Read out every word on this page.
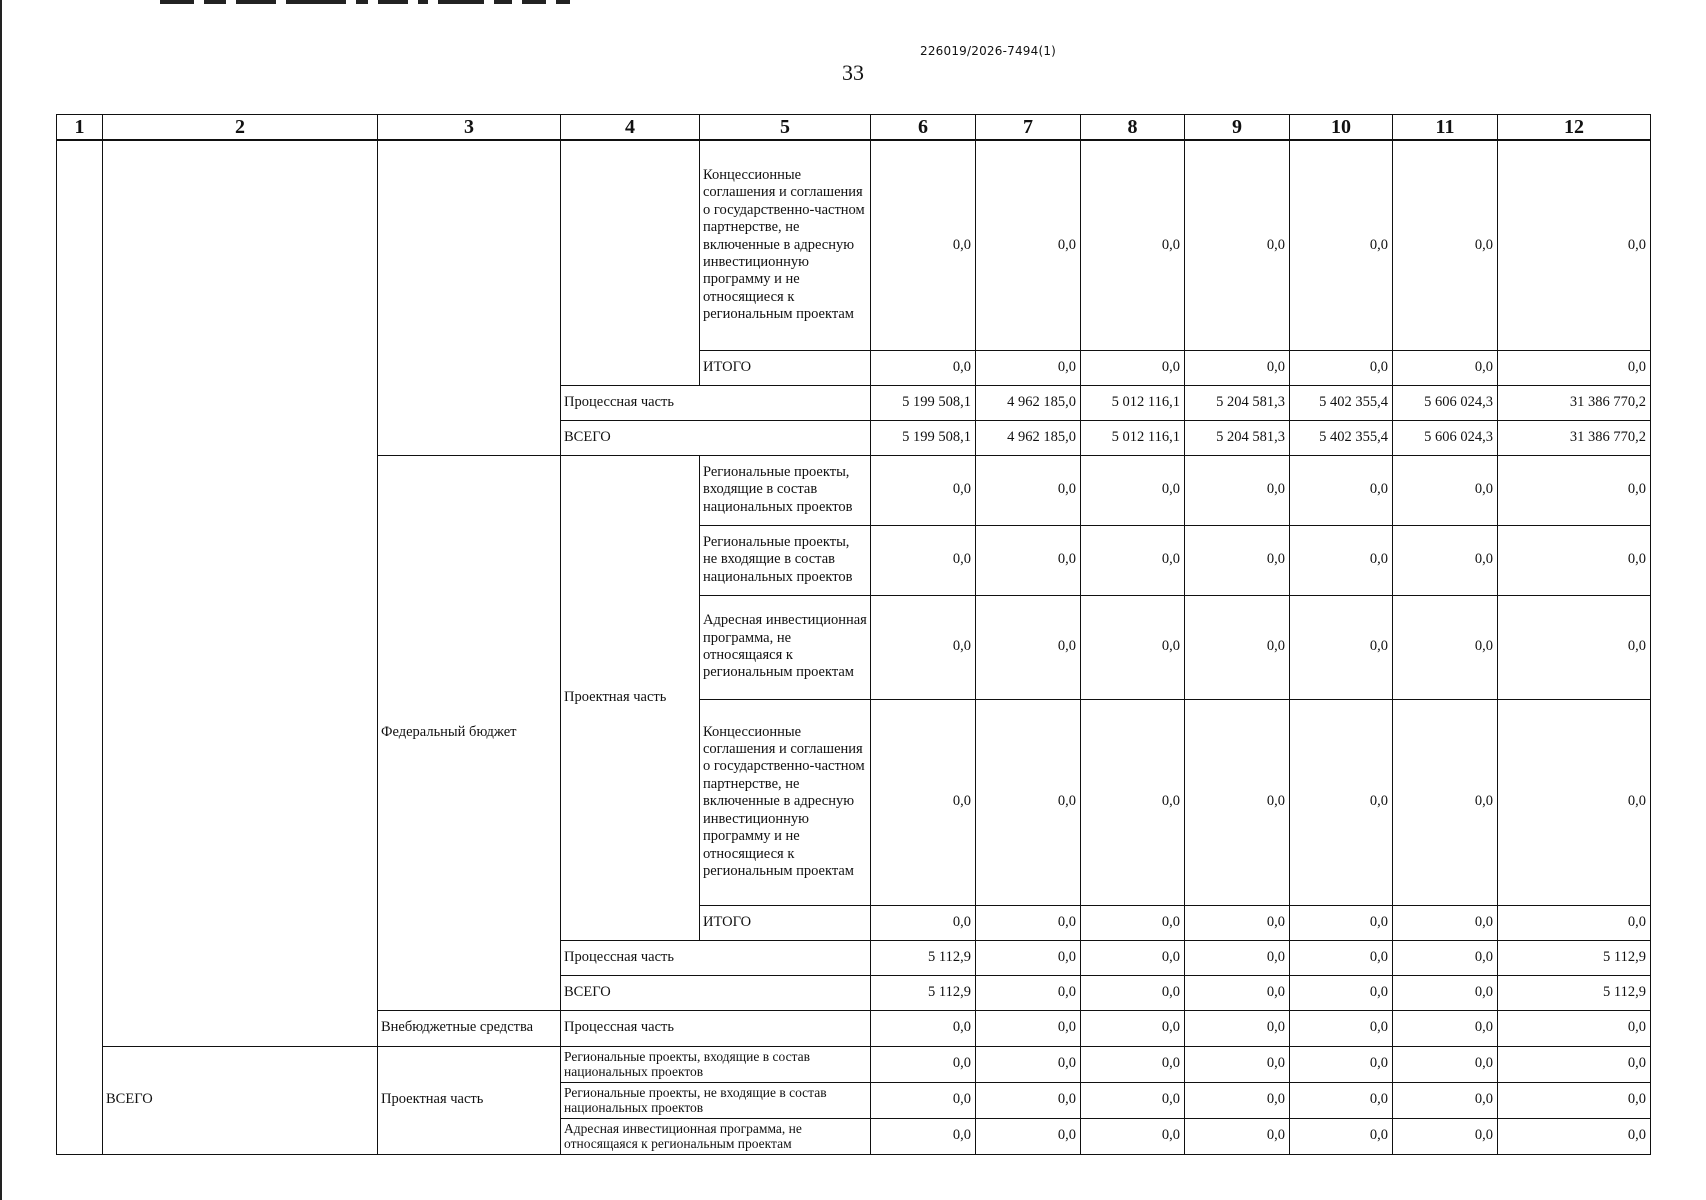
226019/2026-7494(1)
33
1	2	3	4	5	6	7	8	9	10	11	12
				Концессионные соглашения и соглашения о государственно-частном партнерстве, не включенные в адресную инвестиционную программу и не относящиеся к региональным проектам	0,0	0,0	0,0	0,0	0,0	0,0	0,0
				ИТОГО	0,0	0,0	0,0	0,0	0,0	0,0	0,0
			Процессная часть		5 199 508,1	4 962 185,0	5 012 116,1	5 204 581,3	5 402 355,4	5 606 024,3	31 386 770,2
			ВСЕГО		5 199 508,1	4 962 185,0	5 012 116,1	5 204 581,3	5 402 355,4	5 606 024,3	31 386 770,2
		Федеральный бюджет	Проектная часть	Региональные проекты, входящие в состав национальных проектов	0,0	0,0	0,0	0,0	0,0	0,0	0,0
				Региональные проекты, не входящие в состав национальных проектов	0,0	0,0	0,0	0,0	0,0	0,0	0,0
				Адресная инвестиционная программа, не относящаяся к региональным проектам	0,0	0,0	0,0	0,0	0,0	0,0	0,0
				Концессионные соглашения и соглашения о государственно-частном партнерстве, не включенные в адресную инвестиционную программу и не относящиеся к региональным проектам	0,0	0,0	0,0	0,0	0,0	0,0	0,0
				ИТОГО	0,0	0,0	0,0	0,0	0,0	0,0	0,0
			Процессная часть		5 112,9	0,0	0,0	0,0	0,0	0,0	5 112,9
			ВСЕГО		5 112,9	0,0	0,0	0,0	0,0	0,0	5 112,9
		Внебюджетные средства	Процессная часть		0,0	0,0	0,0	0,0	0,0	0,0	0,0
	ВСЕГО	Проектная часть	Региональные проекты, входящие в состав национальных проектов		0,0	0,0	0,0	0,0	0,0	0,0	0,0
			Региональные проекты, не входящие в состав национальных проектов		0,0	0,0	0,0	0,0	0,0	0,0	0,0
			Адресная инвестиционная программа, не относящаяся к региональным проектам		0,0	0,0	0,0	0,0	0,0	0,0	0,0
